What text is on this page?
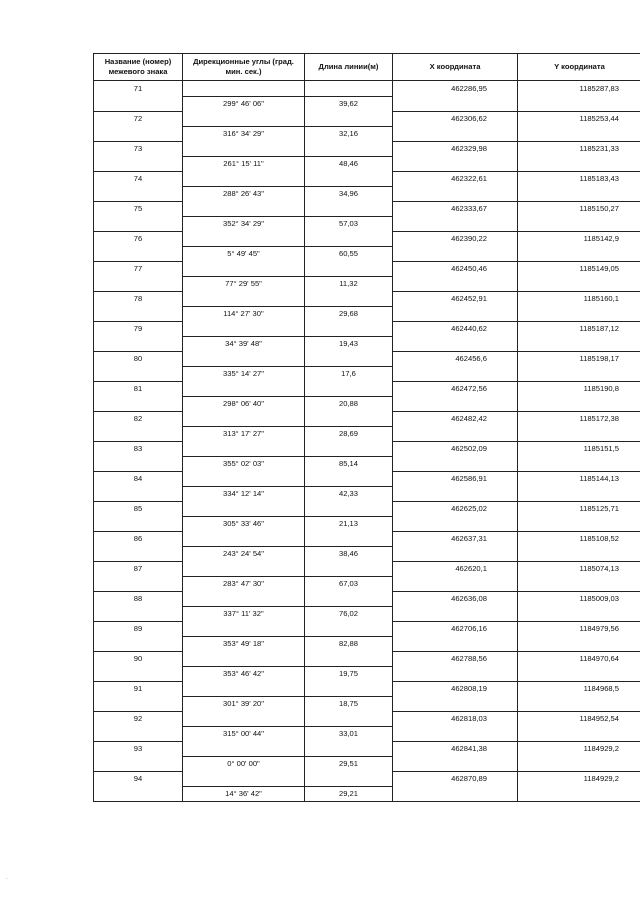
Название (номер) межевого знака	Дирекционные углы (град. мин. сек.)	Длина линии(м)	X координата	Y координата
71			462286,95	1185287,83
	299° 46' 06"	39,62		
72			462306,62	1185253,44
	316° 34' 29"	32,16		
73			462329,98	1185231,33
	261° 15' 11"	48,46		
74			462322,61	1185183,43
	288° 26' 43"	34,96		
75			462333,67	1185150,27
	352° 34' 29"	57,03		
76			462390,22	1185142,9
	5° 49' 45"	60,55		
77			462450,46	1185149,05
	77° 29' 55"	11,32		
78			462452,91	1185160,1
	114° 27' 30"	29,68		
79			462440,62	1185187,12
	34° 39' 48"	19,43		
80			462456,6	1185198,17
	335° 14' 27"	17,6		
81			462472,56	1185190,8
	298° 06' 40"	20,88		
82			462482,42	1185172,38
	313° 17' 27"	28,69		
83			462502,09	1185151,5
	355° 02' 03"	85,14		
84			462586,91	1185144,13
	334° 12' 14"	42,33		
85			462625,02	1185125,71
	305° 33' 46"	21,13		
86			462637,31	1185108,52
	243° 24' 54"	38,46		
87			462620,1	1185074,13
	283° 47' 30"	67,03		
88			462636,08	1185009,03
	337° 11' 32"	76,02		
89			462706,16	1184979,56
	353° 49' 18"	82,88		
90			462788,56	1184970,64
	353° 46' 42"	19,75		
91			462808,19	1184968,5
	301° 39' 20"	18,75		
92			462818,03	1184952,54
	315° 00' 44"	33,01		
93			462841,38	1184929,2
	0° 00' 00"	29,51		
94			462870,89	1184929,2
	14° 36' 42"	29,21		
·
